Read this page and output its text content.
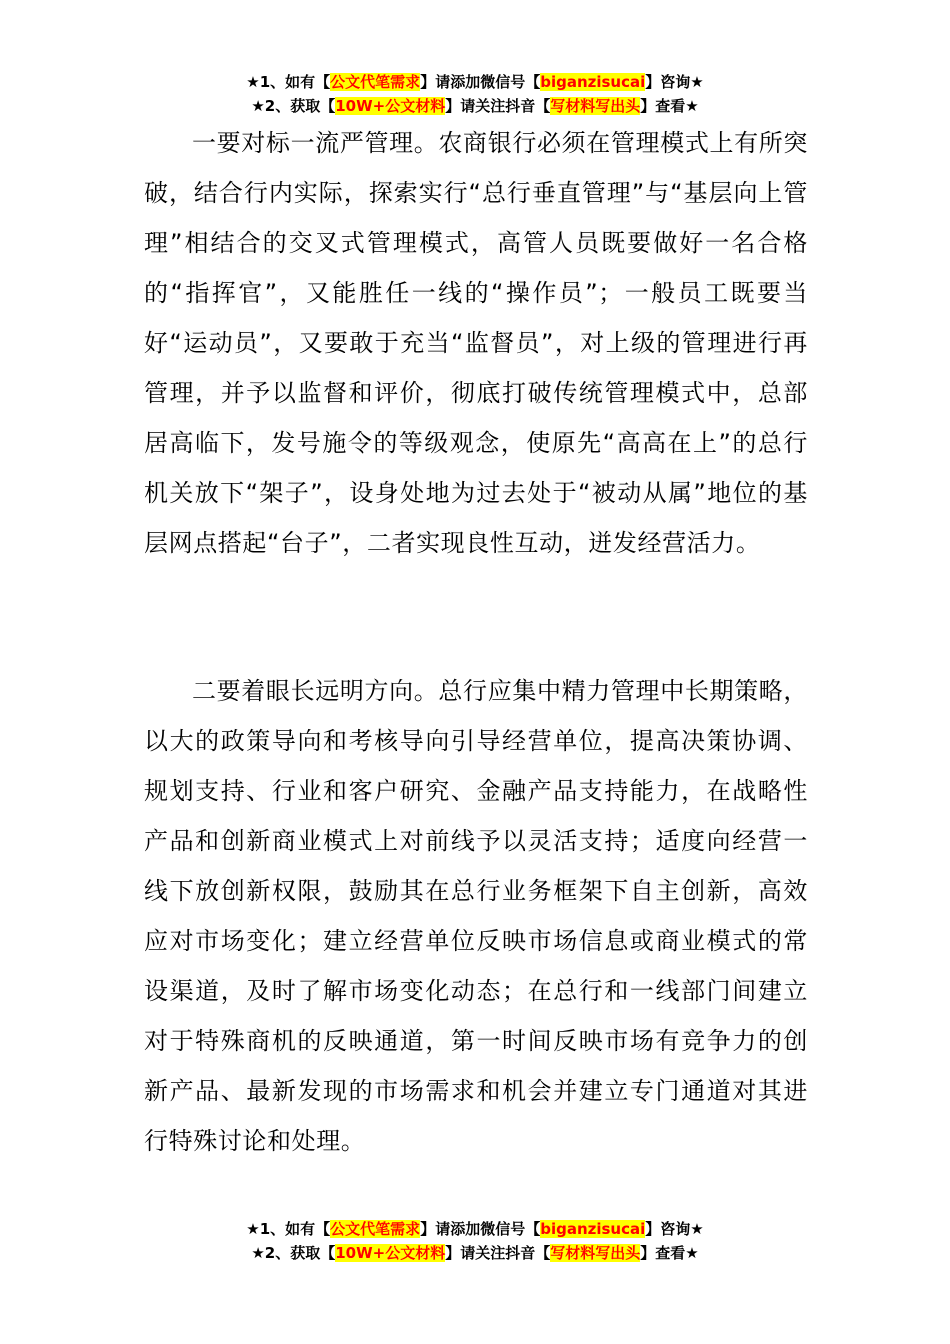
★1、如有【公文代笔需求】请添加微信号【biganzisucai】咨询★
★2、获取【10W+公文材料】请关注抖音【写材料写出头】查看★

一要对标一流严管理。农商银行必须在管理模式上有所突破，结合行内实际，探索实行“总行垂直管理”与“基层向上管理”相结合的交叉式管理模式，高管人员既要做好一名合格的“指挥官”，又能胜任一线的“操作员”；一般员工既要当好“运动员”，又要敢于充当“监督员”，对上级的管理进行再管理，并予以监督和评价，彻底打破传统管理模式中，总部居高临下，发号施令的等级观念，使原先“高高在上”的总行机关放下“架子”，设身处地为过去处于“被动从属”地位的基层网点搭起“台子”，二者实现良性互动，迸发经营活力。

二要着眼长远明方向。总行应集中精力管理中长期策略，以大的政策导向和考核导向引导经营单位，提高决策协调、规划支持、行业和客户研究、金融产品支持能力，在战略性产品和创新商业模式上对前线予以灵活支持；适度向经营一线下放创新权限，鼓励其在总行业务框架下自主创新，高效应对市场变化；建立经营单位反映市场信息或商业模式的常设渠道，及时了解市场变化动态；在总行和一线部门间建立对于特殊商机的反映通道，第一时间反映市场有竞争力的创新产品、最新发现的市场需求和机会并建立专门通道对其进行特殊讨论和处理。

★1、如有【公文代笔需求】请添加微信号【biganzisucai】咨询★
★2、获取【10W+公文材料】请关注抖音【写材料写出头】查看★
